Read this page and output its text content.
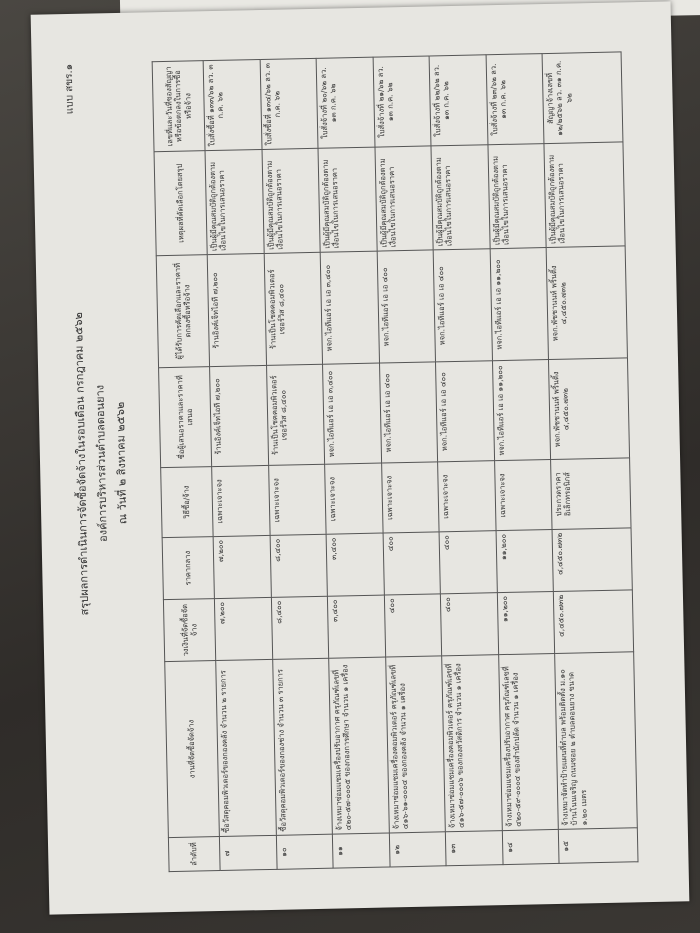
แบบ สขร.๑
สรุปผลการดำเนินการจัดซื้อจัดจ้างในรอบเดือน กรกฎาคม ๒๕๖๒ องค์การบริหารส่วนตำบลดอนยาง ณ วันที่ ๒ สิงหาคม ๒๕๖๒
ลำดับที่	งานที่จัดซื้อจัดจ้าง	วงเงินที่จัดซื้อจัดจ้าง	ราคากลาง	วิธีซื้อ/จ้าง	ชื่อผู้เสนอราคาและราคาที่เสนอ	ผู้ได้รับการคัดเลือกและราคาที่ตกลงซื้อหรือจ้าง	เหตุผลที่คัดเลือกโดยสรุป	เลขที่และวันที่ของสัญญาหรือข้อตกลงในการซื้อหรือจ้าง
๗	ซื้อวัสดุคอมพิวเตอร์ของกองคลัง จำนวน ๒ รายการ	๗,๒๐๐	๗,๒๐๐	เฉพาะเจาะจง	ร้านอิงค์เจ็ทไอที ๗,๒๐๐	ร้านอิงค์เจ็ทไอที ๗,๒๐๐	เป็นผู้มีคุณสมบัติถูกต้องตามเงื่อนไขในการเสนอราคา	ใบสั่งซื้อที่ ๑๓๓/๖๒ ลว. ๓ ก.ค. ๖๒
๑๐	ซื้อวัสดุคอมพิวเตอร์ของกองช่าง จำนวน ๓ รายการ	๘,๔๐๐	๘,๔๐๐	เฉพาะเจาะจง	ร้านเป็นโชคคอมพิวเตอร์ เซอร์วิส ๘,๔๐๐	ร้านเป็นโชคคอมพิวเตอร์ เซอร์วิส ๘,๔๐๐	เป็นผู้มีคุณสมบัติถูกต้องตามเงื่อนไขในการเสนอราคา	ใบสั่งซื้อที่ ๑๓๔/๖๒ ลว. ๓ ก.ค. ๖๒
๑๑	จ้างเหมาซ่อมแซมเครื่องปรับอากาศ ครุภัณฑ์เลขที่ ๔๒๐-๕๗-๐๐๐๕ ของกองการศึกษา จำนวน ๑ เครื่อง	๓,๔๐๐	๓,๔๐๐	เฉพาะเจาะจง	หจก.ไอทีแอร์ เอ เอ ๓,๔๐๐	หจก.ไอทีแอร์ เอ เอ ๓,๔๐๐	เป็นผู้มีคุณสมบัติถูกต้องตามเงื่อนไขในการเสนอราคา	ใบสั่งจ้างที่ ๒๐/๖๒ ลว. ๑๓ ก.ค. ๖๒
๑๒	จ้างเหมาซ่อมแซมเครื่องคอมพิวเตอร์ ครุภัณฑ์เลขที่ ๔๑๖-๖๑-๐๐๐๔ ของกองคลัง จำนวน ๑ เครื่อง	๔๐๐	๔๐๐	เฉพาะเจาะจง	หจก.ไอทีแอร์ เอ เอ ๔๐๐	หจก.ไอทีแอร์ เอ เอ ๔๐๐	เป็นผู้มีคุณสมบัติถูกต้องตามเงื่อนไขในการเสนอราคา	ใบสั่งจ้างที่ ๒๑/๖๒ ลว. ๑๓ ก.ค. ๖๒
๑๓	จ้างเหมาซ่อมแซมเครื่องคอมพิวเตอร์ ครุภัณฑ์เลขที่ ๔๑๖-๕๗-๐๐๐๖ ของกองสวัสดิการ จำนวน ๑ เครื่อง	๔๐๐	๔๐๐	เฉพาะเจาะจง	หจก.ไอทีแอร์ เอ เอ ๔๐๐	หจก.ไอทีแอร์ เอ เอ ๔๐๐	เป็นผู้มีคุณสมบัติถูกต้องตามเงื่อนไขในการเสนอราคา	ใบสั่งจ้างที่ ๒๒/๖๒ ลว. ๑๓ ก.ค. ๖๒
๑๔	จ้างเหมาซ่อมแซมเครื่องปรับอากาศ ครุภัณฑ์เลขที่ ๔๒๐-๕๙-๐๐๐๔ ของสำนักปลัด จำนวน ๑ เครื่อง	๑๑,๒๐๐	๑๑,๒๐๐	เฉพาะเจาะจง	หจก.ไอทีแอร์ เอ เอ ๑๑,๒๐๐	หจก.ไอทีแอร์ เอ เอ ๑๑,๒๐๐	เป็นผู้มีคุณสมบัติถูกต้องตามเงื่อนไขในการเสนอราคา	ใบสั่งจ้างที่ ๒๓/๖๒ ลว. ๑๓ ก.ค. ๖๒
๑๕	จ้างเหมาจัดทำป้ายแผนที่ตำบล พร้อมติดตั้ง ม.๑๐ บ้านโนนเจริญ ถนนซอย ๒ ตำบลดอนยาง ขนาด ๑.๒๐ เมตร	๔,๔๕๐.๗๓๒	๔,๔๕๐.๗๓๒	ประกวดราคาอิเล็กทรอนิกส์	หจก.พัชชานนท์ พริ้นติ้ง ๔,๔๕๐.๗๓๒	หจก.พัชชานนท์ พริ้นติ้ง ๔,๔๕๐.๗๓๒	เป็นผู้มีคุณสมบัติถูกต้องตามเงื่อนไขในการเสนอราคา	สัญญาจ้างเลขที่ ๑๒/๒๕๖๒ ลว. ๓๑ ก.ค. ๖๒
